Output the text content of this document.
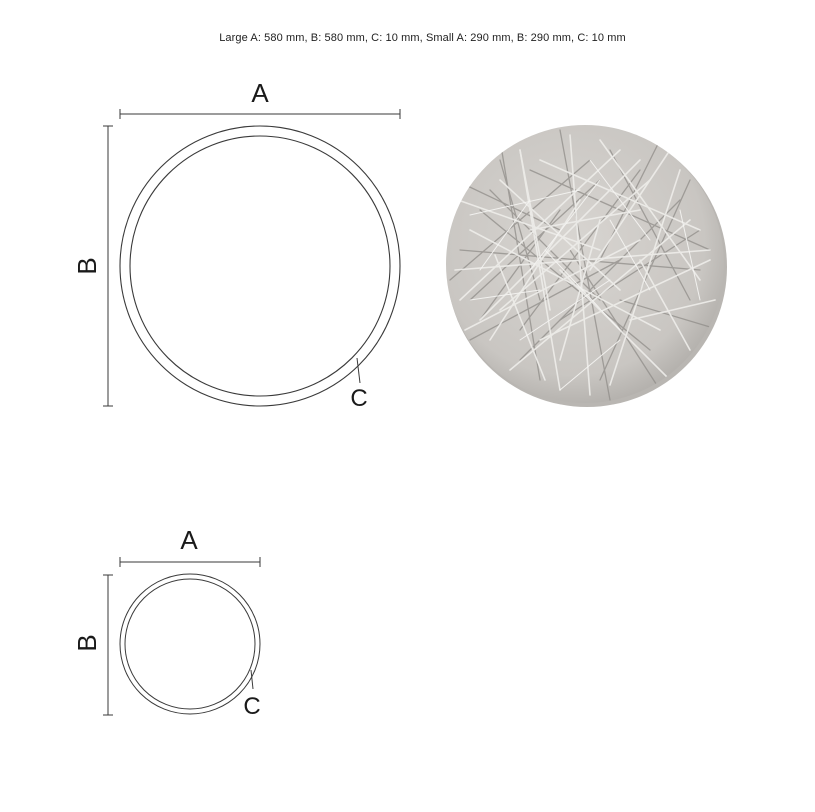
Large A: 580 mm, B: 580 mm, C: 10 mm, Small A: 290 mm, B: 290 mm, C: 10 mm
A
B
C
A
B
C
